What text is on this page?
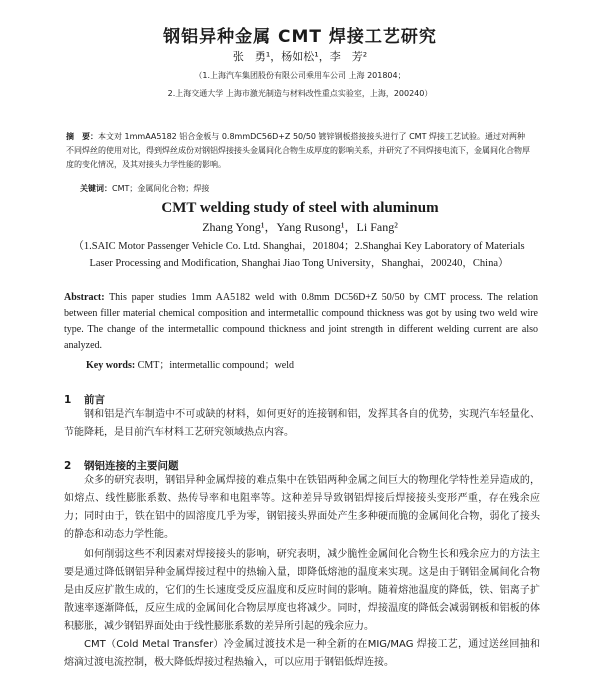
钢铝异种金属 CMT 焊接工艺研究
张　勇¹，杨如松¹，李　芳²
（1.上海汽车集团股份有限公司乘用车公司 上海 201804；
2.上海交通大学 上海市激光制造与材料改性重点实验室，上海，200240）
摘　要：本文对 1mmAA5182 铝合金板与 0.8mmDC56D+Z 50/50 镀锌钢板搭接接头进行了 CMT 焊接工艺试验。通过对两种不同焊丝的使用对比，得到焊丝成份对钢铝焊接接头金属间化合物生成厚度的影响关系，并研究了不同焊接电流下，金属间化合物厚度的变化情况，及其对接头力学性能的影响。
关键词：CMT；金属间化合物；焊接
CMT welding study of steel with aluminum
Zhang Yong¹，Yang Rusong¹，Li Fang²
（1.SAIC Motor Passenger Vehicle Co. Ltd. Shanghai，201804；2.Shanghai Key Laboratory of Materials Laser Processing and Modification, Shanghai Jiao Tong University，Shanghai，200240，China）
Abstract: This paper studies 1mm AA5182 weld with 0.8mm DC56D+Z 50/50 by CMT process. The relation between filler material chemical composition and intermetallic compound thickness was got by using two weld wire type. The change of the intermetallic compound thickness and joint strength in different welding current are also analyzed.
Key words: CMT；intermetallic compound；weld
1 前言
钢和铝是汽车制造中不可或缺的材料，如何更好的连接钢和铝，发挥其各自的优势，实现汽车轻量化、节能降耗，是目前汽车材料工艺研究领域热点内容。
2 钢铝连接的主要问题
众多的研究表明，钢铝异种金属焊接的难点集中在铁铝两种金属之间巨大的物理化学特性差异造成的，如熔点、线性膨胀系数、热传导率和电阻率等。这种差异导致钢铝焊接后焊接接头变形严重，存在残余应力；同时由于，铁在铝中的固溶度几乎为零，钢铝接头界面处产生多种硬而脆的金属间化合物，弱化了接头的静态和动态力学性能。
如何削弱这些不利因素对焊接接头的影响，研究表明，减少脆性金属间化合物生长和残余应力的方法主要是通过降低钢铝异种金属焊接过程中的热输入量，即降低熔池的温度来实现。这是由于钢铝金属间化合物是由反应扩散生成的，它们的生长速度受反应温度和反应时间的影响。随着熔池温度的降低，铁、铝离子扩散速率逐渐降低，反应生成的金属间化合物层厚度也将减少。同时，焊接温度的降低会减弱钢板和铝板的体积膨胀，减少钢铝界面处由于线性膨胀系数的差异所引起的残余应力。
CMT（Cold Metal Transfer）冷金属过渡技术是一种全新的在MIG/MAG 焊接工艺，通过送丝回抽和熔滴过渡电流控制，极大降低焊接过程热输入，可以应用于钢铝低焊连接。
